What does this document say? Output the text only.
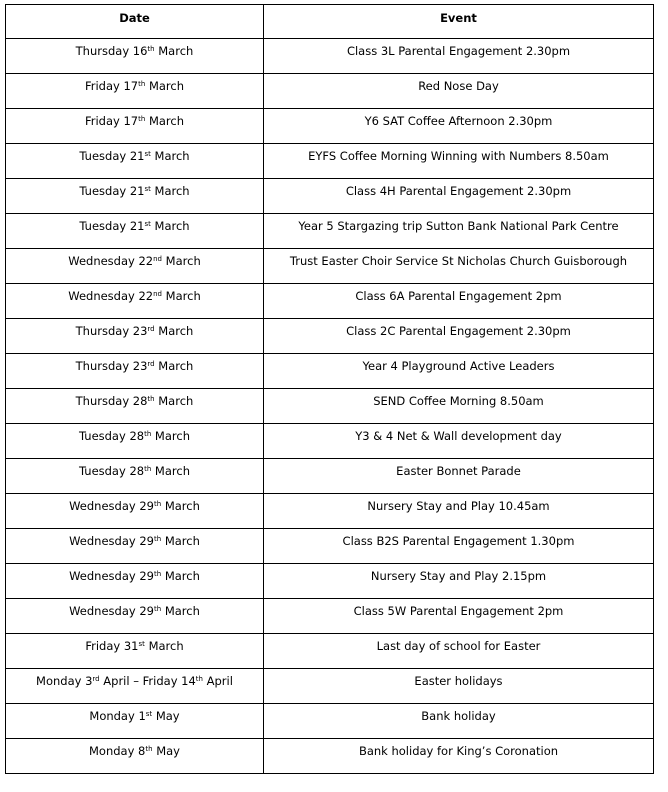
Date	Event
Thursday 16th March	Class 3L Parental Engagement 2.30pm
Friday 17th March	Red Nose Day
Friday 17th March	Y6 SAT Coffee Afternoon 2.30pm
Tuesday 21st March	EYFS Coffee Morning Winning with Numbers 8.50am
Tuesday 21st March	Class 4H Parental Engagement 2.30pm
Tuesday 21st March	Year 5 Stargazing trip Sutton Bank National Park Centre
Wednesday 22nd March	Trust Easter Choir Service St Nicholas Church Guisborough
Wednesday 22nd March	Class 6A Parental Engagement 2pm
Thursday 23rd March	Class 2C Parental Engagement 2.30pm
Thursday 23rd March	Year 4 Playground Active Leaders
Thursday 28th March	SEND Coffee Morning 8.50am
Tuesday 28th March	Y3 & 4 Net & Wall development day
Tuesday 28th March	Easter Bonnet Parade
Wednesday 29th March	Nursery Stay and Play 10.45am
Wednesday 29th March	Class B2S Parental Engagement 1.30pm
Wednesday 29th March	Nursery Stay and Play 2.15pm
Wednesday 29th March	Class 5W Parental Engagement 2pm
Friday 31st March	Last day of school for Easter
Monday 3rd April – Friday 14th April	Easter holidays
Monday 1st May	Bank holiday
Monday 8th May	Bank holiday for King’s Coronation
